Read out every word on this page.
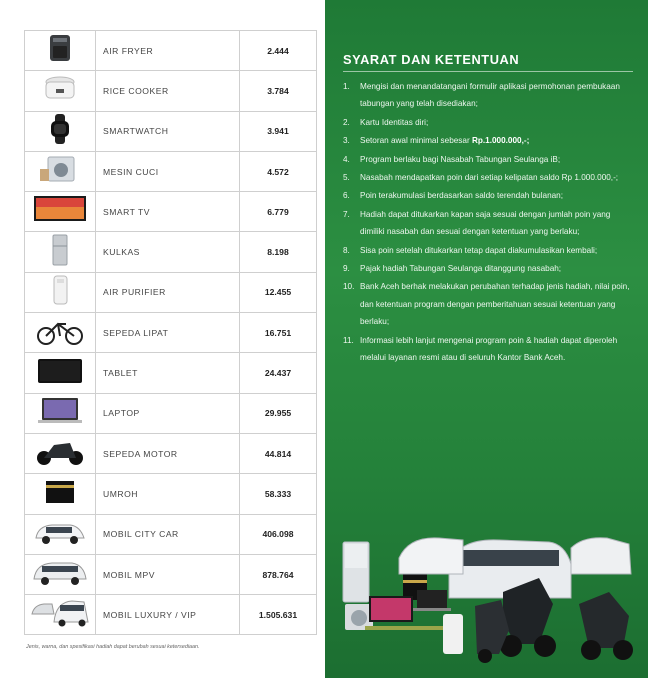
	AIR FRYER	2.444
	RICE COOKER	3.784
	SMARTWATCH	3.941
	MESIN CUCI	4.572
	SMART TV	6.779
	KULKAS	8.198
	AIR PURIFIER	12.455
	SEPEDA LIPAT	16.751
	TABLET	24.437
	LAPTOP	29.955
	SEPEDA MOTOR	44.814
	UMROH	58.333
	MOBIL CITY CAR	406.098
	MOBIL MPV	878.764
	MOBIL LUXURY / VIP	1.505.631
Jenis, warna, dan spesifikasi hadiah dapat berubah sesuai ketersediaan.
SYARAT DAN KETENTUAN
1. Mengisi dan menandatangani formulir aplikasi permohonan pembukaan tabungan yang telah disediakan;
2. Kartu Identitas diri;
3. Setoran awal minimal sebesar Rp.1.000.000,-;
4. Program berlaku bagi Nasabah Tabungan Seulanga iB;
5. Nasabah mendapatkan poin dari setiap kelipatan saldo Rp 1.000.000,-;
6. Poin terakumulasi berdasarkan saldo terendah bulanan;
7. Hadiah dapat ditukarkan kapan saja sesuai dengan jumlah poin yang dimiliki nasabah dan sesuai dengan ketentuan yang berlaku;
8. Sisa poin setelah ditukarkan tetap dapat diakumulasikan kembali;
9. Pajak hadiah Tabungan Seulanga ditanggung nasabah;
10. Bank Aceh berhak melakukan perubahan terhadap jenis hadiah, nilai poin, dan ketentuan program dengan pemberitahuan sesuai ketentuan yang berlaku;
11. Informasi lebih lanjut mengenai program poin & hadiah dapat diperoleh melalui layanan resmi atau di seluruh Kantor Bank Aceh.
